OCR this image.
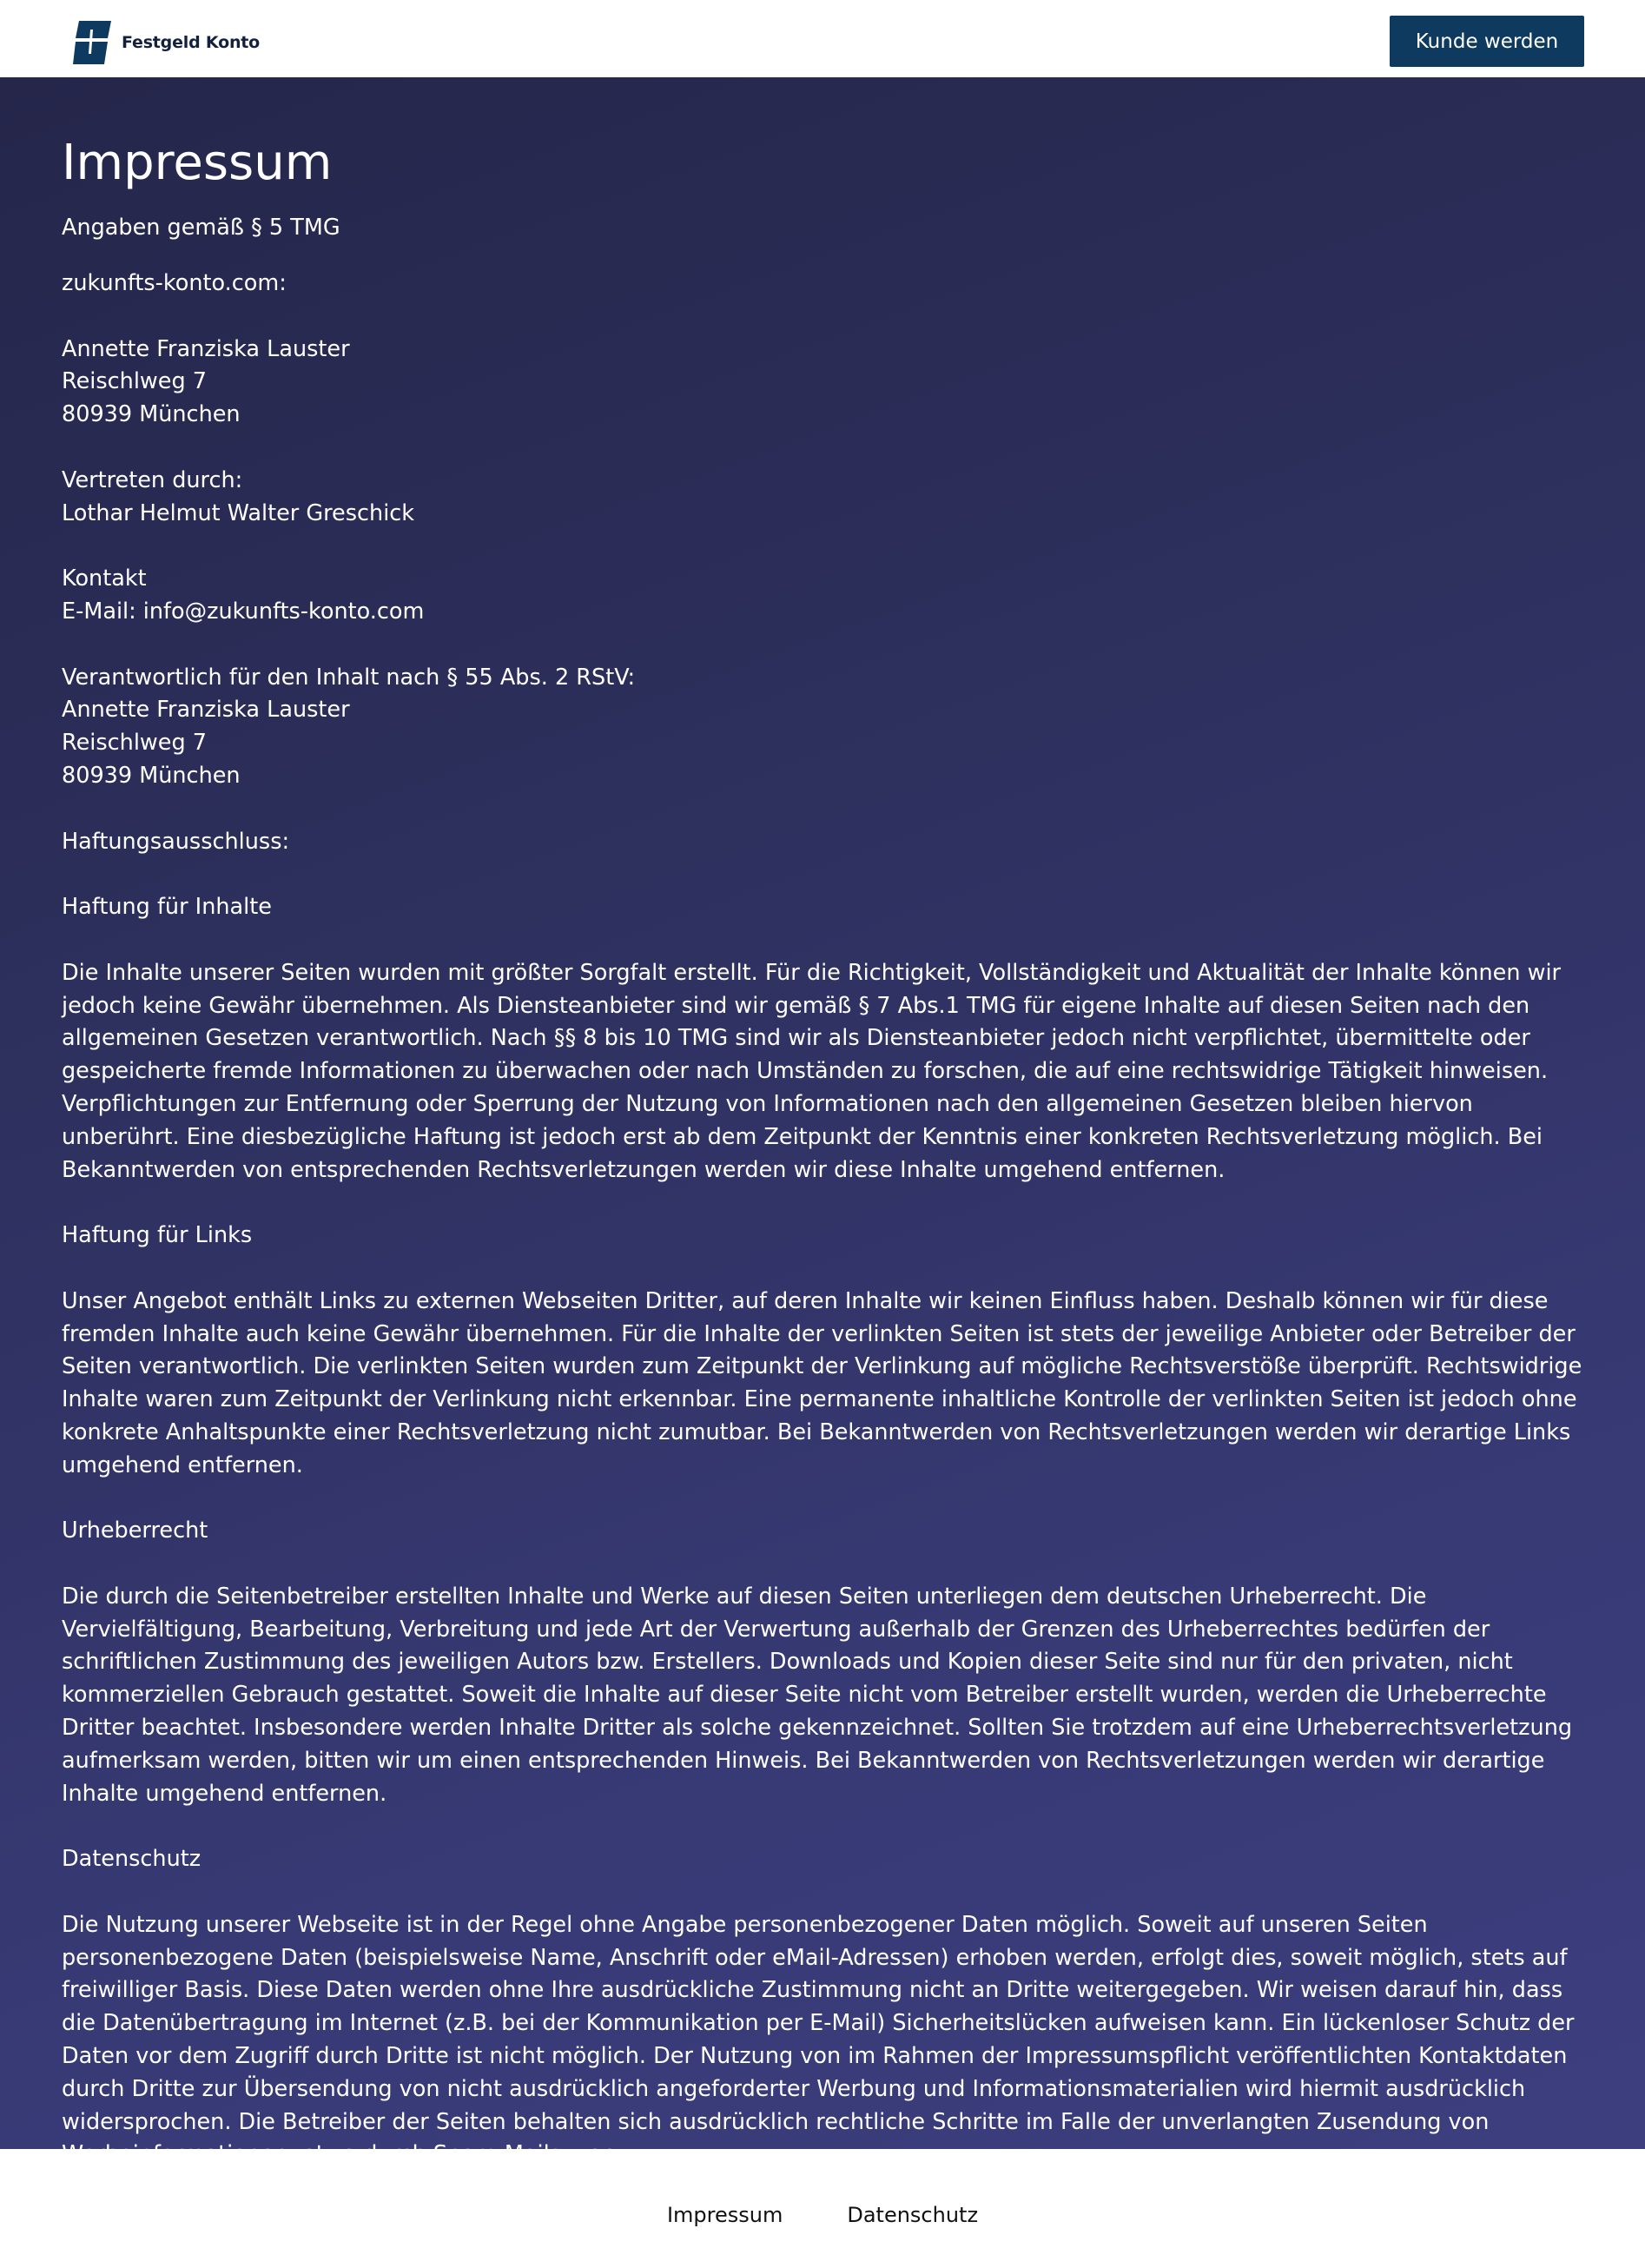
Festgeld Konto	Kunde werden
Impressum

Angaben gemäß § 5 TMG

zukunfts-konto.com:

Annette Franziska Lauster
Reischlweg 7
80939 München

Vertreten durch:
Lothar Helmut Walter Greschick

Kontakt
E-Mail: info@zukunfts-konto.com

Verantwortlich für den Inhalt nach § 55 Abs. 2 RStV:
Annette Franziska Lauster
Reischlweg 7
80939 München

Haftungsausschluss:

Haftung für Inhalte

Die Inhalte unserer Seiten wurden mit größter Sorgfalt erstellt. Für die Richtigkeit, Vollständigkeit und Aktualität der Inhalte können wir jedoch keine Gewähr übernehmen. Als Diensteanbieter sind wir gemäß § 7 Abs.1 TMG für eigene Inhalte auf diesen Seiten nach den allgemeinen Gesetzen verantwortlich. Nach §§ 8 bis 10 TMG sind wir als Diensteanbieter jedoch nicht verpflichtet, übermittelte oder gespeicherte fremde Informationen zu überwachen oder nach Umständen zu forschen, die auf eine rechtswidrige Tätigkeit hinweisen. Verpflichtungen zur Entfernung oder Sperrung der Nutzung von Informationen nach den allgemeinen Gesetzen bleiben hiervon unberührt. Eine diesbezügliche Haftung ist jedoch erst ab dem Zeitpunkt der Kenntnis einer konkreten Rechtsverletzung möglich. Bei Bekanntwerden von entsprechenden Rechtsverletzungen werden wir diese Inhalte umgehend entfernen.

Haftung für Links

Unser Angebot enthält Links zu externen Webseiten Dritter, auf deren Inhalte wir keinen Einfluss haben. Deshalb können wir für diese fremden Inhalte auch keine Gewähr übernehmen. Für die Inhalte der verlinkten Seiten ist stets der jeweilige Anbieter oder Betreiber der Seiten verantwortlich. Die verlinkten Seiten wurden zum Zeitpunkt der Verlinkung auf mögliche Rechtsverstöße überprüft. Rechtswidrige Inhalte waren zum Zeitpunkt der Verlinkung nicht erkennbar. Eine permanente inhaltliche Kontrolle der verlinkten Seiten ist jedoch ohne konkrete Anhaltspunkte einer Rechtsverletzung nicht zumutbar. Bei Bekanntwerden von Rechtsverletzungen werden wir derartige Links umgehend entfernen.

Urheberrecht

Die durch die Seitenbetreiber erstellten Inhalte und Werke auf diesen Seiten unterliegen dem deutschen Urheberrecht. Die Vervielfältigung, Bearbeitung, Verbreitung und jede Art der Verwertung außerhalb der Grenzen des Urheberrechtes bedürfen der schriftlichen Zustimmung des jeweiligen Autors bzw. Erstellers. Downloads und Kopien dieser Seite sind nur für den privaten, nicht kommerziellen Gebrauch gestattet. Soweit die Inhalte auf dieser Seite nicht vom Betreiber erstellt wurden, werden die Urheberrechte Dritter beachtet. Insbesondere werden Inhalte Dritter als solche gekennzeichnet. Sollten Sie trotzdem auf eine Urheberrechtsverletzung aufmerksam werden, bitten wir um einen entsprechenden Hinweis. Bei Bekanntwerden von Rechtsverletzungen werden wir derartige Inhalte umgehend entfernen.

Datenschutz

Die Nutzung unserer Webseite ist in der Regel ohne Angabe personenbezogener Daten möglich. Soweit auf unseren Seiten personenbezogene Daten (beispielsweise Name, Anschrift oder eMail-Adressen) erhoben werden, erfolgt dies, soweit möglich, stets auf freiwilliger Basis. Diese Daten werden ohne Ihre ausdrückliche Zustimmung nicht an Dritte weitergegeben. Wir weisen darauf hin, dass die Datenübertragung im Internet (z.B. bei der Kommunikation per E-Mail) Sicherheitslücken aufweisen kann. Ein lückenloser Schutz der Daten vor dem Zugriff durch Dritte ist nicht möglich. Der Nutzung von im Rahmen der Impressumspflicht veröffentlichten Kontaktdaten durch Dritte zur Übersendung von nicht ausdrücklich angeforderter Werbung und Informationsmaterialien wird hiermit ausdrücklich widersprochen. Die Betreiber der Seiten behalten sich ausdrücklich rechtliche Schritte im Falle der unverlangten Zusendung von
Impressum	Datenschutz
